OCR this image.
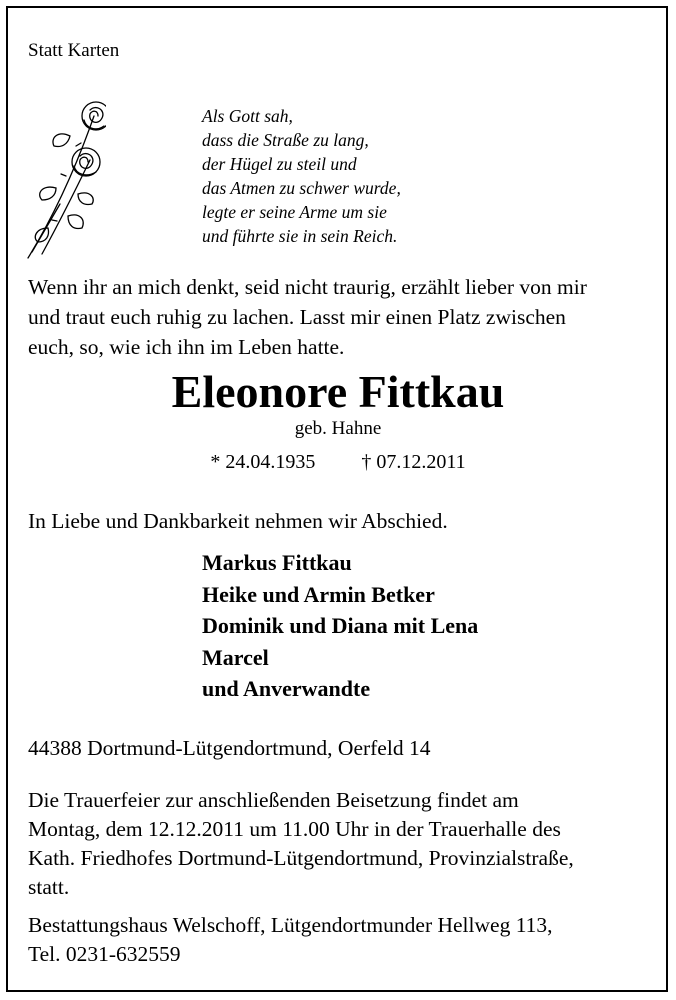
Statt Karten

Als Gott sah,
dass die Straße zu lang,
der Hügel zu steil und
das Atmen zu schwer wurde,
legte er seine Arme um sie
und führte sie in sein Reich.
Wenn ihr an mich denkt, seid nicht traurig, erzählt lieber von mir
und traut euch ruhig zu lachen. Lasst mir einen Platz zwischen
euch, so, wie ich ihn im Leben hatte.

Eleonore Fittkau

geb. Hahne

* 24.04.1935 † 07.12.2011

In Liebe und Dankbarkeit nehmen wir Abschied.

Markus Fittkau
Heike und Armin Betker
Dominik und Diana mit Lena
Marcel
und Anverwandte

44388 Dortmund-Lütgendortmund, Oerfeld 14

Die Trauerfeier zur anschließenden Beisetzung findet am
Montag, dem 12.12.2011 um 11.00 Uhr in der Trauerhalle des
Kath. Friedhofes Dortmund-Lütgendortmund, Provinzialstraße,
statt.
Bestattungshaus Welschoff, Lütgendortmunder Hellweg 113,
Tel. 0231-632559
